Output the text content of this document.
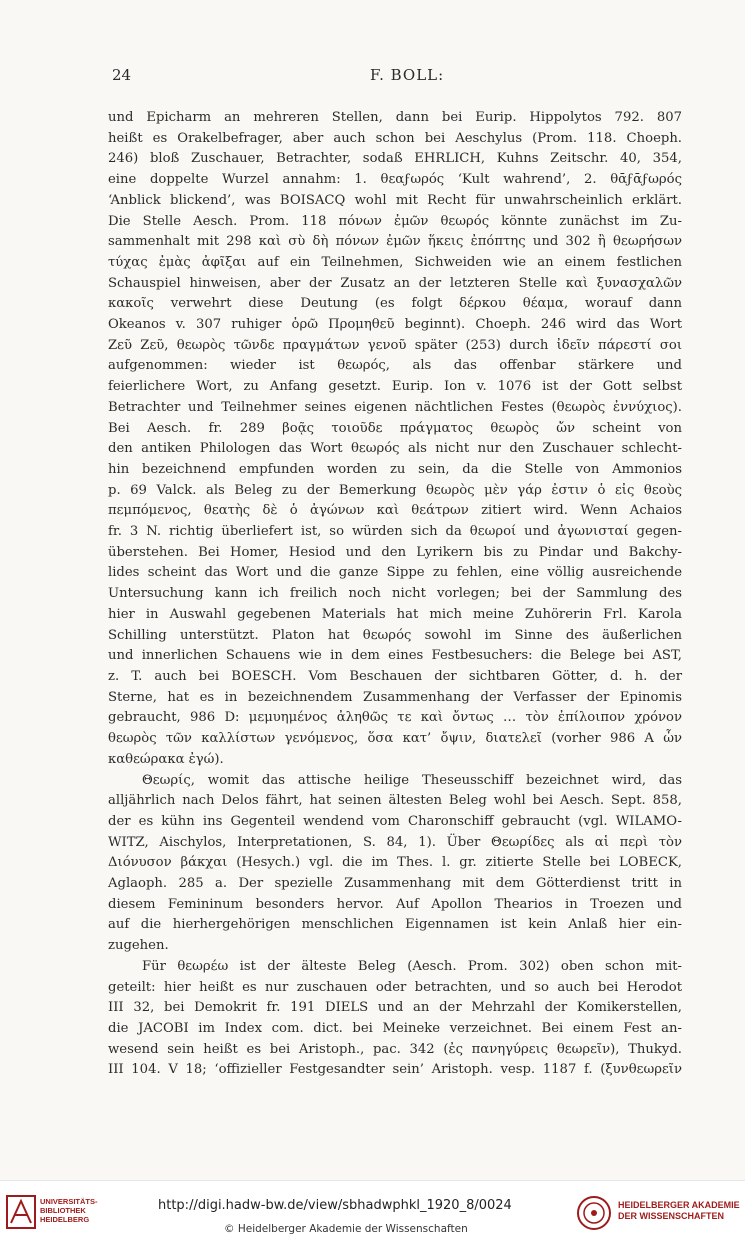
24	F. BOLL:

und Epicharm an mehreren Stellen, dann bei Eurip. Hippolytos 792. 807

heißt es Orakelbefrager, aber auch schon bei Aeschylus (Prom. 118. Choeph.

246) bloß Zuschauer, Betrachter, sodaß EHRLICH, Kuhns Zeitschr. 40, 354,

eine doppelte Wurzel annahm: 1. θεαϝωρός ‘Kult wahrend’, 2. θᾱϝᾱϝωρός

‘Anblick blickend’, was BOISACQ wohl mit Recht für unwahrscheinlich erklärt.

Die Stelle Aesch. Prom. 118 πόνων ἐμῶν θεωρός könnte zunächst im Zu-

sammenhalt mit 298 καὶ σὺ δὴ πόνων ἐμῶν ἥκεις ἐπόπτης und 302 ἢ θεωρήσων

τύχας ἐμὰς ἀφῖξαι auf ein Teilnehmen, Sichweiden wie an einem festlichen

Schauspiel hinweisen, aber der Zusatz an der letzteren Stelle καὶ ξυνασχαλῶν

κακοῖς verwehrt diese Deutung (es folgt δέρκου θέαμα, worauf dann

Okeanos v. 307 ruhiger ὁρῶ Προμηθεῦ beginnt). Choeph. 246 wird das Wort

Ζεῦ Ζεῦ, θεωρὸς τῶνδε πραγμάτων γενοῦ später (253) durch ἰδεῖν πάρεστί σοι

aufgenommen: wieder ist θεωρός, als das offenbar stärkere und

feierlichere Wort, zu Anfang gesetzt. Eurip. Ion v. 1076 ist der Gott selbst

Betrachter und Teilnehmer seines eigenen nächtlichen Festes (θεωρὸς ἐννύχιος).

Bei Aesch. fr. 289 βοᾷς τοιοῦδε πράγματος θεωρὸς ὤν scheint von

den antiken Philologen das Wort θεωρός als nicht nur den Zuschauer schlecht-

hin bezeichnend empfunden worden zu sein, da die Stelle von Ammonios

p. 69 Valck. als Beleg zu der Bemerkung θεωρὸς μὲν γάρ ἐστιν ὁ εἰς θεοὺς

πεμπόμενος, θεατὴς δὲ ὁ ἀγώνων καὶ θεάτρων zitiert wird. Wenn Achaios

fr. 3 N. richtig überliefert ist, so würden sich da θεωροί und ἀγωνισταί gegen-

überstehen. Bei Homer, Hesiod und den Lyrikern bis zu Pindar und Bakchy-

lides scheint das Wort und die ganze Sippe zu fehlen, eine völlig ausreichende

Untersuchung kann ich freilich noch nicht vorlegen; bei der Sammlung des

hier in Auswahl gegebenen Materials hat mich meine Zuhörerin Frl. Karola

Schilling unterstützt. Platon hat θεωρός sowohl im Sinne des äußerlichen

und innerlichen Schauens wie in dem eines Festbesuchers: die Belege bei AST,

z. T. auch bei BOESCH. Vom Beschauen der sichtbaren Götter, d. h. der

Sterne, hat es in bezeichnendem Zusammenhang der Verfasser der Epinomis

gebraucht, 986 D: μεμυημένος ἀληθῶς τε καὶ ὄντως … τὸν ἐπίλοιπον χρόνον

θεωρὸς τῶν καλλίστων γενόμενος, ὅσα κατ’ ὄψιν, διατελεῖ (vorher 986 A ὧν

καθεώρακα ἐγώ).

Θεωρίς, womit das attische heilige Theseusschiff bezeichnet wird, das

alljährlich nach Delos fährt, hat seinen ältesten Beleg wohl bei Aesch. Sept. 858,

der es kühn ins Gegenteil wendend vom Charonschiff gebraucht (vgl. WILAMO-

WITZ, Aischylos, Interpretationen, S. 84, 1). Über Θεωρίδες als αἱ περὶ τὸν

Διόνυσον βάκχαι (Hesych.) vgl. die im Thes. l. gr. zitierte Stelle bei LOBECK,

Aglaoph. 285 a. Der spezielle Zusammenhang mit dem Götterdienst tritt in

diesem Femininum besonders hervor. Auf Apollon Thearios in Troezen und

auf die hierhergehörigen menschlichen Eigennamen ist kein Anlaß hier ein-

zugehen.

Für θεωρέω ist der älteste Beleg (Aesch. Prom. 302) oben schon mit-

geteilt: hier heißt es nur zuschauen oder betrachten, und so auch bei Herodot

III 32, bei Demokrit fr. 191 DIELS und an der Mehrzahl der Komikerstellen,

die JACOBI im Index com. dict. bei Meineke verzeichnet. Bei einem Fest an-

wesend sein heißt es bei Aristoph., pac. 342 (ἐς πανηγύρεις θεωρεῖν), Thukyd.

III 104. V 18; ‘offizieller Festgesandter sein’ Aristoph. vesp. 1187 f. (ξυνθεωρεῖν

UNIVERSITÄTS-
BIBLIOTHEK
HEIDELBERG
http://digi.hadw-bw.de/view/sbhadwphkl_1920_8/0024
© Heidelberger Akademie der Wissenschaften
HEIDELBERGER AKADEMIE
DER WISSENSCHAFTEN
